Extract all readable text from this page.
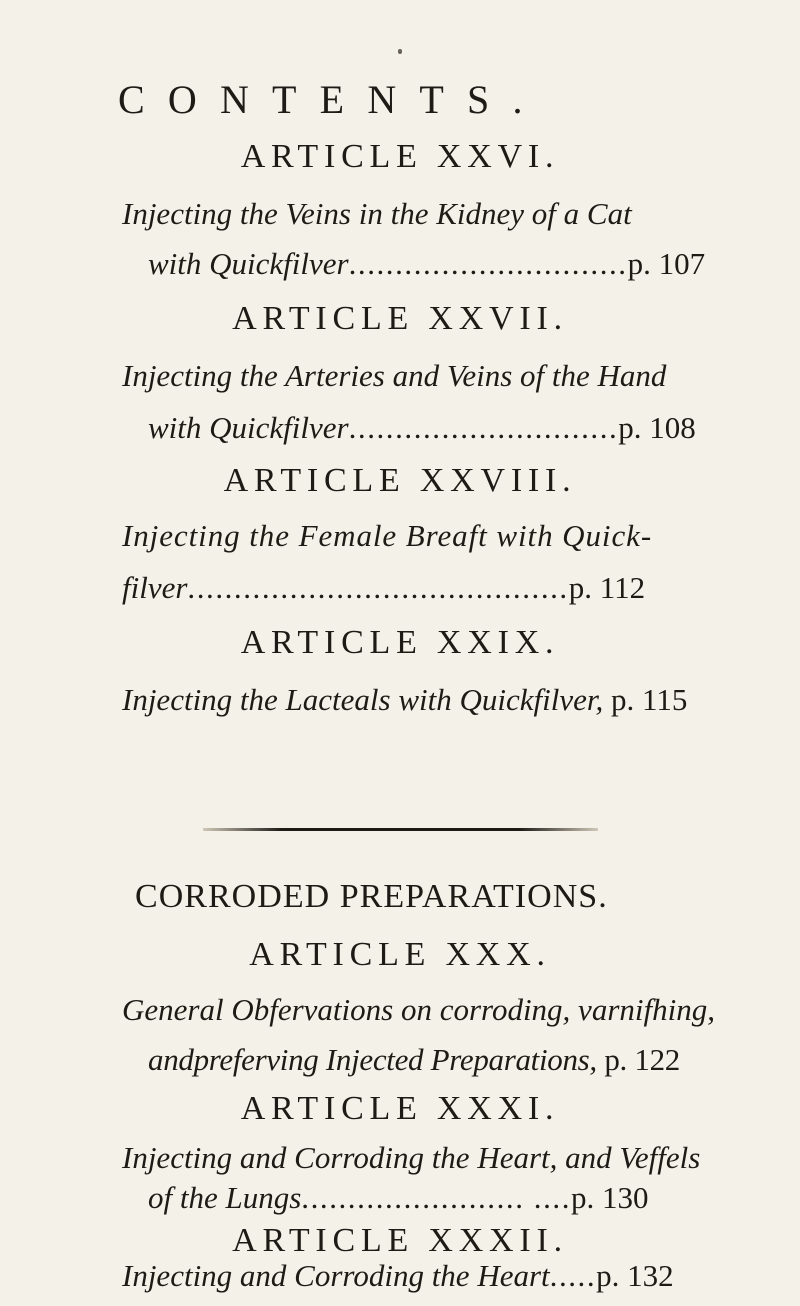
CONTENTS.
ARTICLE XXVI.
Injecting the Veins in the Kidney of a Cat
with Quickfilver..............................p. 107
ARTICLE XXVII.
Injecting the Arteries and Veins of the Hand
with Quickfilver.............................p. 108
ARTICLE XXVIII.
Injecting the Female Breaft with Quick-
filver.........................................p. 112
ARTICLE XXIX.
Injecting the Lacteals with Quickfilver, p. 115
CORRODED PREPARATIONS.
ARTICLE XXX.
General Obfervations on corroding, varnifhing,
andpreferving Injected Preparations, p. 122
ARTICLE XXXI.
Injecting and Corroding the Heart, and Veffels
of the Lungs........................ ....p. 130
ARTICLE XXXII.
Injecting and Corroding the Heart.....p. 132
